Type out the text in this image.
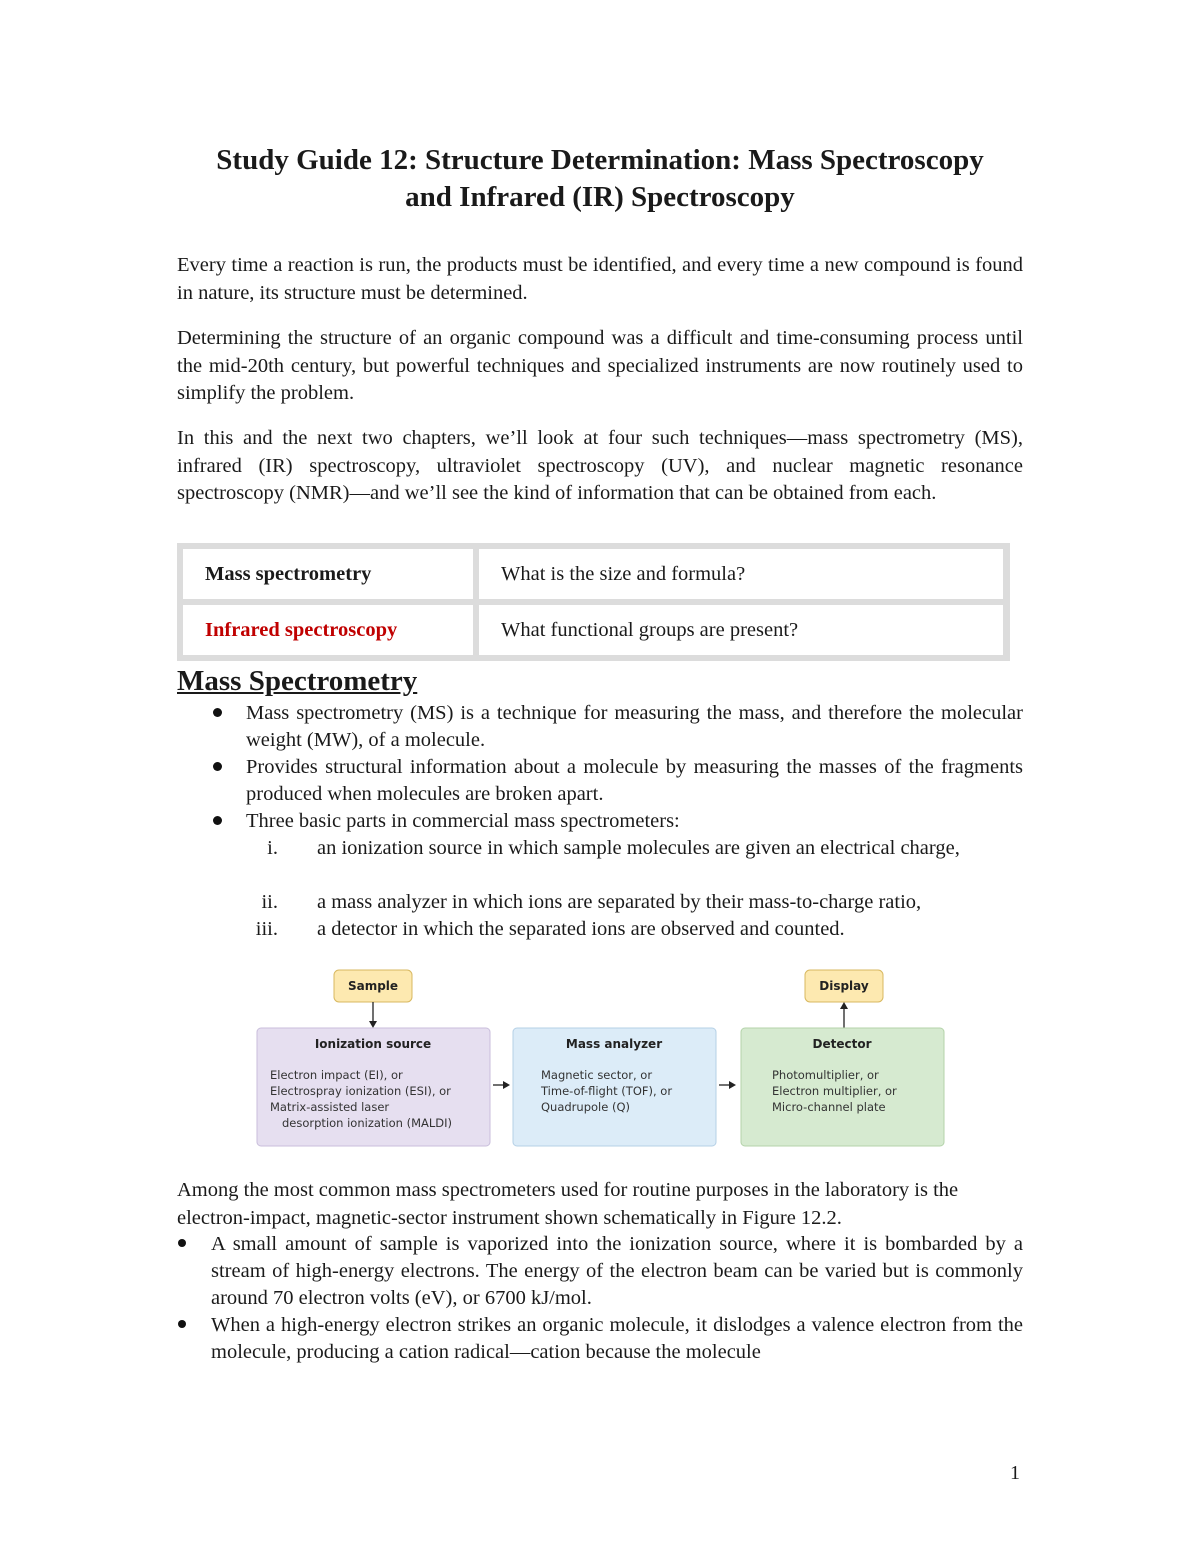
Study Guide 12: Structure Determination: Mass Spectroscopy
and Infrared (IR) Spectroscopy
Every time a reaction is run, the products must be identified, and every time a new compound is found in nature, its structure must be determined.
Determining the structure of an organic compound was a difficult and time-consuming process until the mid-20th century, but powerful techniques and specialized instruments are now routinely used to simplify the problem.
In this and the next two chapters, we’ll look at four such techniques—mass spectrometry (MS), infrared (IR) spectroscopy, ultraviolet spectroscopy (UV), and nuclear magnetic resonance spectroscopy (NMR)—and we’ll see the kind of information that can be obtained from each.
Mass spectrometry	What is the size and formula?
Infrared spectroscopy	What functional groups are present?
Mass Spectrometry
Mass spectrometry (MS) is a technique for measuring the mass, and therefore the molecular weight (MW), of a molecule.
Provides structural information about a molecule by measuring the masses of the fragments produced when molecules are broken apart.
Three basic parts in commercial mass spectrometers:
i. an ionization source in which sample molecules are given an electrical charge,
ii. a mass analyzer in which ions are separated by their mass-to-charge ratio,
iii. a detector in which the separated ions are observed and counted.
Sample	Display
Ionization source
Electron impact (EI), or
Electrospray ionization (ESI), or
Matrix-assisted laser
desorption ionization (MALDI)
Mass analyzer
Magnetic sector, or
Time-of-flight (TOF), or
Quadrupole (Q)
Detector
Photomultiplier, or
Electron multiplier, or
Micro-channel plate
Among the most common mass spectrometers used for routine purposes in the laboratory is the electron-impact, magnetic-sector instrument shown schematically in Figure 12.2.
A small amount of sample is vaporized into the ionization source, where it is bombarded by a stream of high-energy electrons. The energy of the electron beam can be varied but is commonly around 70 electron volts (eV), or 6700 kJ/mol.
When a high-energy electron strikes an organic molecule, it dislodges a valence electron from the molecule, producing a cation radical—cation because the molecule
1
